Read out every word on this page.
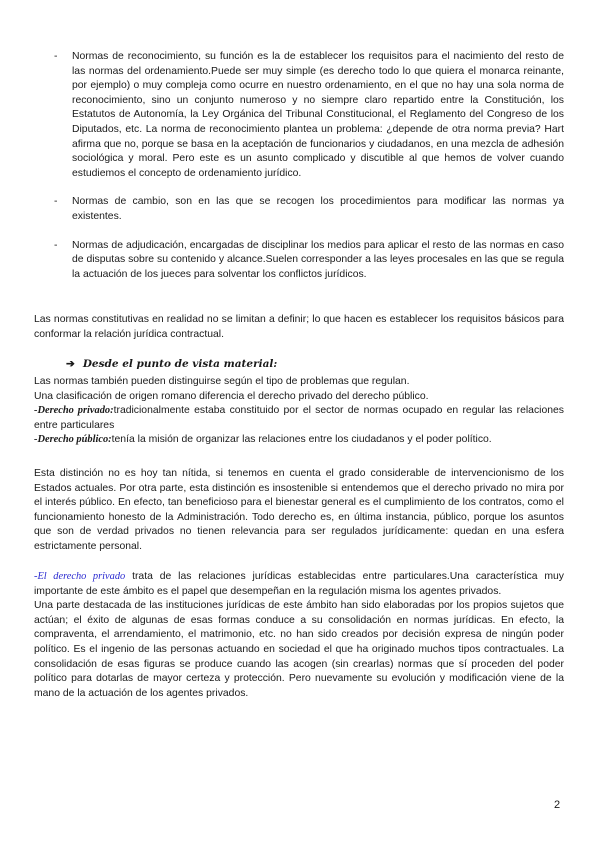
- Normas de reconocimiento, su función es la de establecer los requisitos para el nacimiento del resto de las normas del ordenamiento.Puede ser muy simple (es derecho todo lo que quiera el monarca reinante, por ejemplo) o muy compleja como ocurre en nuestro ordenamiento, en el que no hay una sola norma de reconocimiento, sino un conjunto numeroso y no siempre claro repartido entre la Constitución, los Estatutos de Autonomía, la Ley Orgánica del Tribunal Constitucional, el Reglamento del Congreso de los Diputados, etc. La norma de reconocimiento plantea un problema: ¿depende de otra norma previa? Hart afirma que no, porque se basa en la aceptación de funcionarios y ciudadanos, en una mezcla de adhesión sociológica y moral. Pero este es un asunto complicado y discutible al que hemos de volver cuando estudiemos el concepto de ordenamiento jurídico.
- Normas de cambio, son en las que se recogen los procedimientos para modificar las normas ya existentes.
- Normas de adjudicación, encargadas de disciplinar los medios para aplicar el resto de las normas en caso de disputas sobre su contenido y alcance.Suelen corresponder a las leyes procesales en las que se regula la actuación de los jueces para solventar los conflictos jurídicos.
Las normas constitutivas en realidad no se limitan a definir; lo que hacen es establecer los requisitos básicos para conformar la relación jurídica contractual.
➔ Desde el punto de vista material:
Las normas también pueden distinguirse según el tipo de problemas que regulan.
Una clasificación de origen romano diferencia el derecho privado del derecho público.
-Derecho privado:tradicionalmente estaba constituido por el sector de normas ocupado en regular las relaciones entre particulares
-Derecho público:tenía la misión de organizar las relaciones entre los ciudadanos y el poder político.
Esta distinción no es hoy tan nítida, si tenemos en cuenta el grado considerable de intervencionismo de los Estados actuales. Por otra parte, esta distinción es insostenible si entendemos que el derecho privado no mira por el interés público. En efecto, tan beneficioso para el bienestar general es el cumplimiento de los contratos, como el funcionamiento honesto de la Administración. Todo derecho es, en última instancia, público, porque los asuntos que son de verdad privados no tienen relevancia para ser regulados jurídicamente: quedan en una esfera estrictamente personal.
-El derecho privado trata de las relaciones jurídicas establecidas entre particulares.Una característica muy importante de este ámbito es el papel que desempeñan en la regulación misma los agentes privados.
Una parte destacada de las instituciones jurídicas de este ámbito han sido elaboradas por los propios sujetos que actúan; el éxito de algunas de esas formas conduce a su consolidación en normas jurídicas. En efecto, la compraventa, el arrendamiento, el matrimonio, etc. no han sido creados por decisión expresa de ningún poder político. Es el ingenio de las personas actuando en sociedad el que ha originado muchos tipos contractuales. La consolidación de esas figuras se produce cuando las acogen (sin crearlas) normas que sí proceden del poder político para dotarlas de mayor certeza y protección. Pero nuevamente su evolución y modificación viene de la mano de la actuación de los agentes privados.
2
